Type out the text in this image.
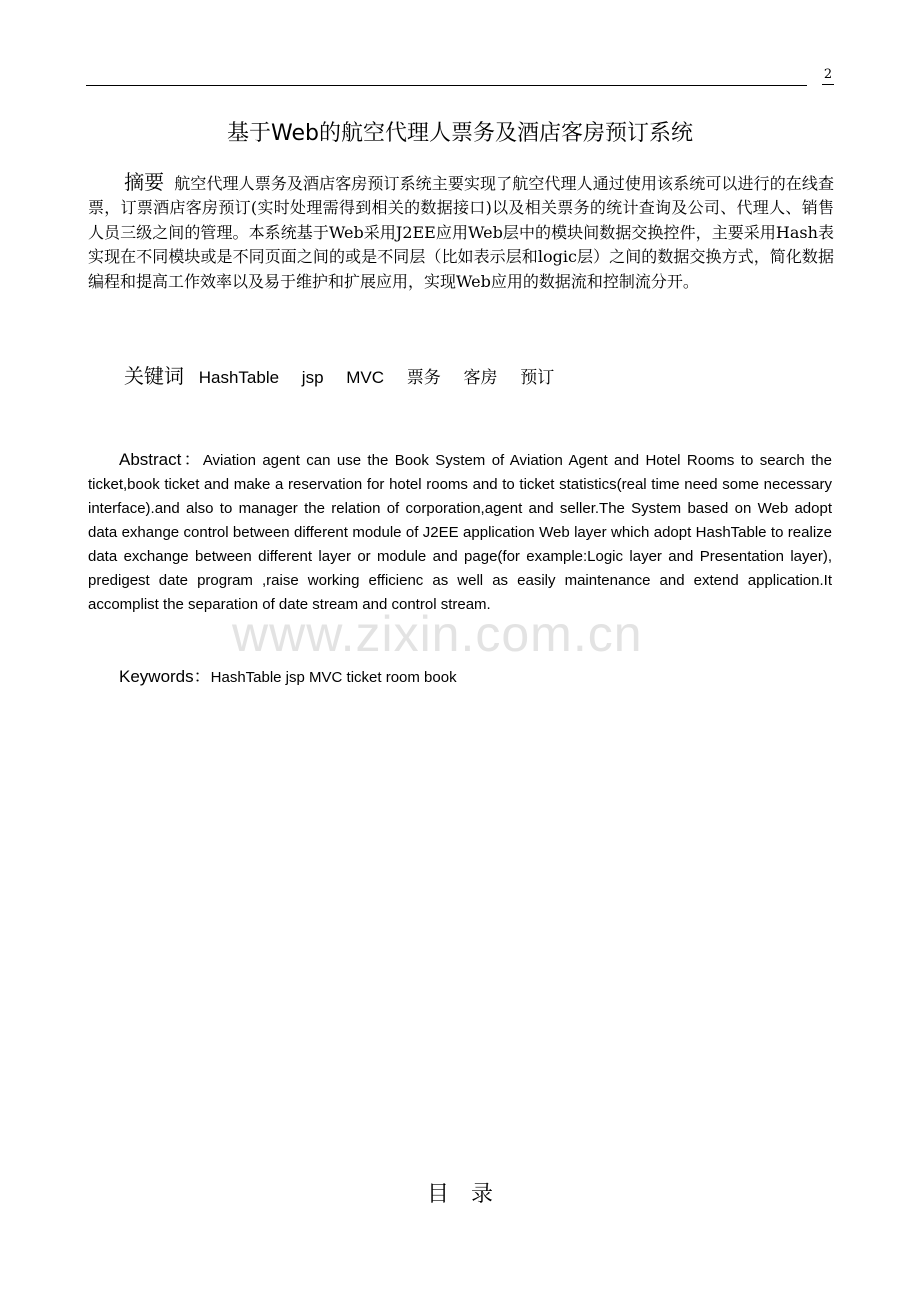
2
基于Web的航空代理人票务及酒店客房预订系统
摘要 航空代理人票务及酒店客房预订系统主要实现了航空代理人通过使用该系统可以进行的在线查票，订票酒店客房预订(实时处理需得到相关的数据接口)以及相关票务的统计查询及公司、代理人、销售人员三级之间的管理。本系统基于Web采用J2EE应用Web层中的模块间数据交换控件，主要采用Hash表实现在不同模块或是不同页面之间的或是不同层（比如表示层和logic层）之间的数据交换方式，简化数据编程和提高工作效率以及易于维护和扩展应用，实现Web应用的数据流和控制流分开。
关键词 HashTable jsp MVC 票务 客房 预订
Abstract：Aviation agent can use the Book System of Aviation Agent and Hotel Rooms to search the ticket,book ticket and make a reservation for hotel rooms and to ticket statistics(real time need some necessary interface).and also to manager the relation of corporation,agent and seller.The System based on Web adopt data exhange control between different module of J2EE application Web layer which adopt HashTable to realize data exchange between different layer or module and page(for example:Logic layer and Presentation layer), predigest date program ,raise working efficienc as well as easily maintenance and extend application.It accomplist the separation of date stream and control stream.
www.zixin.com.cn
Keywords：HashTable jsp MVC ticket room book
目录
